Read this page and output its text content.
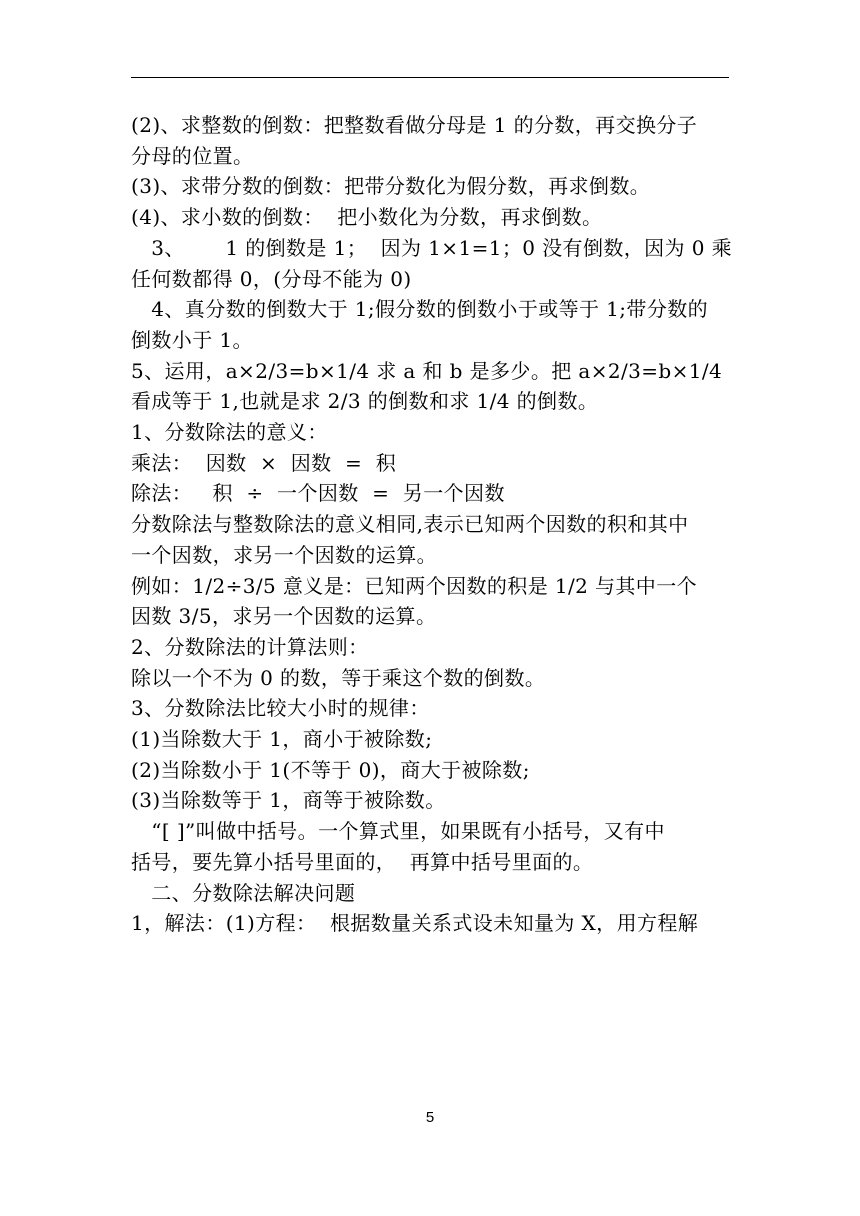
(2)、求整数的倒数：把整数看做分母是 1 的分数，再交换分子

分母的位置。

(3)、求带分数的倒数：把带分数化为假分数，再求倒数。

(4)、求小数的倒数：  把小数化为分数，再求倒数。

3、      1 的倒数是 1；  因为 1×1=1；0 没有倒数，因为 0 乘

任何数都得 0，(分母不能为 0)

4、真分数的倒数大于 1;假分数的倒数小于或等于 1;带分数的

倒数小于 1。

5、运用，a×2/3=b×1/4 求 a 和 b 是多少。把 a×2/3=b×1/4

看成等于 1,也就是求 2/3 的倒数和求 1/4 的倒数。

1、分数除法的意义：

乘法：  因数  ×  因数  =  积

除法：   积  ÷  一个因数  =  另一个因数

分数除法与整数除法的意义相同,表示已知两个因数的积和其中

一个因数，求另一个因数的运算。

例如：1/2÷3/5 意义是：已知两个因数的积是 1/2 与其中一个

因数 3/5，求另一个因数的运算。

2、分数除法的计算法则：

除以一个不为 0 的数，等于乘这个数的倒数。

3、分数除法比较大小时的规律：

(1)当除数大于 1，商小于被除数;

(2)当除数小于 1(不等于 0)，商大于被除数;

(3)当除数等于 1，商等于被除数。

“[ ]”叫做中括号。一个算式里，如果既有小括号，又有中

括号，要先算小括号里面的，  再算中括号里面的。

二、分数除法解决问题

1，解法：(1)方程：  根据数量关系式设未知量为 X，用方程解

5
